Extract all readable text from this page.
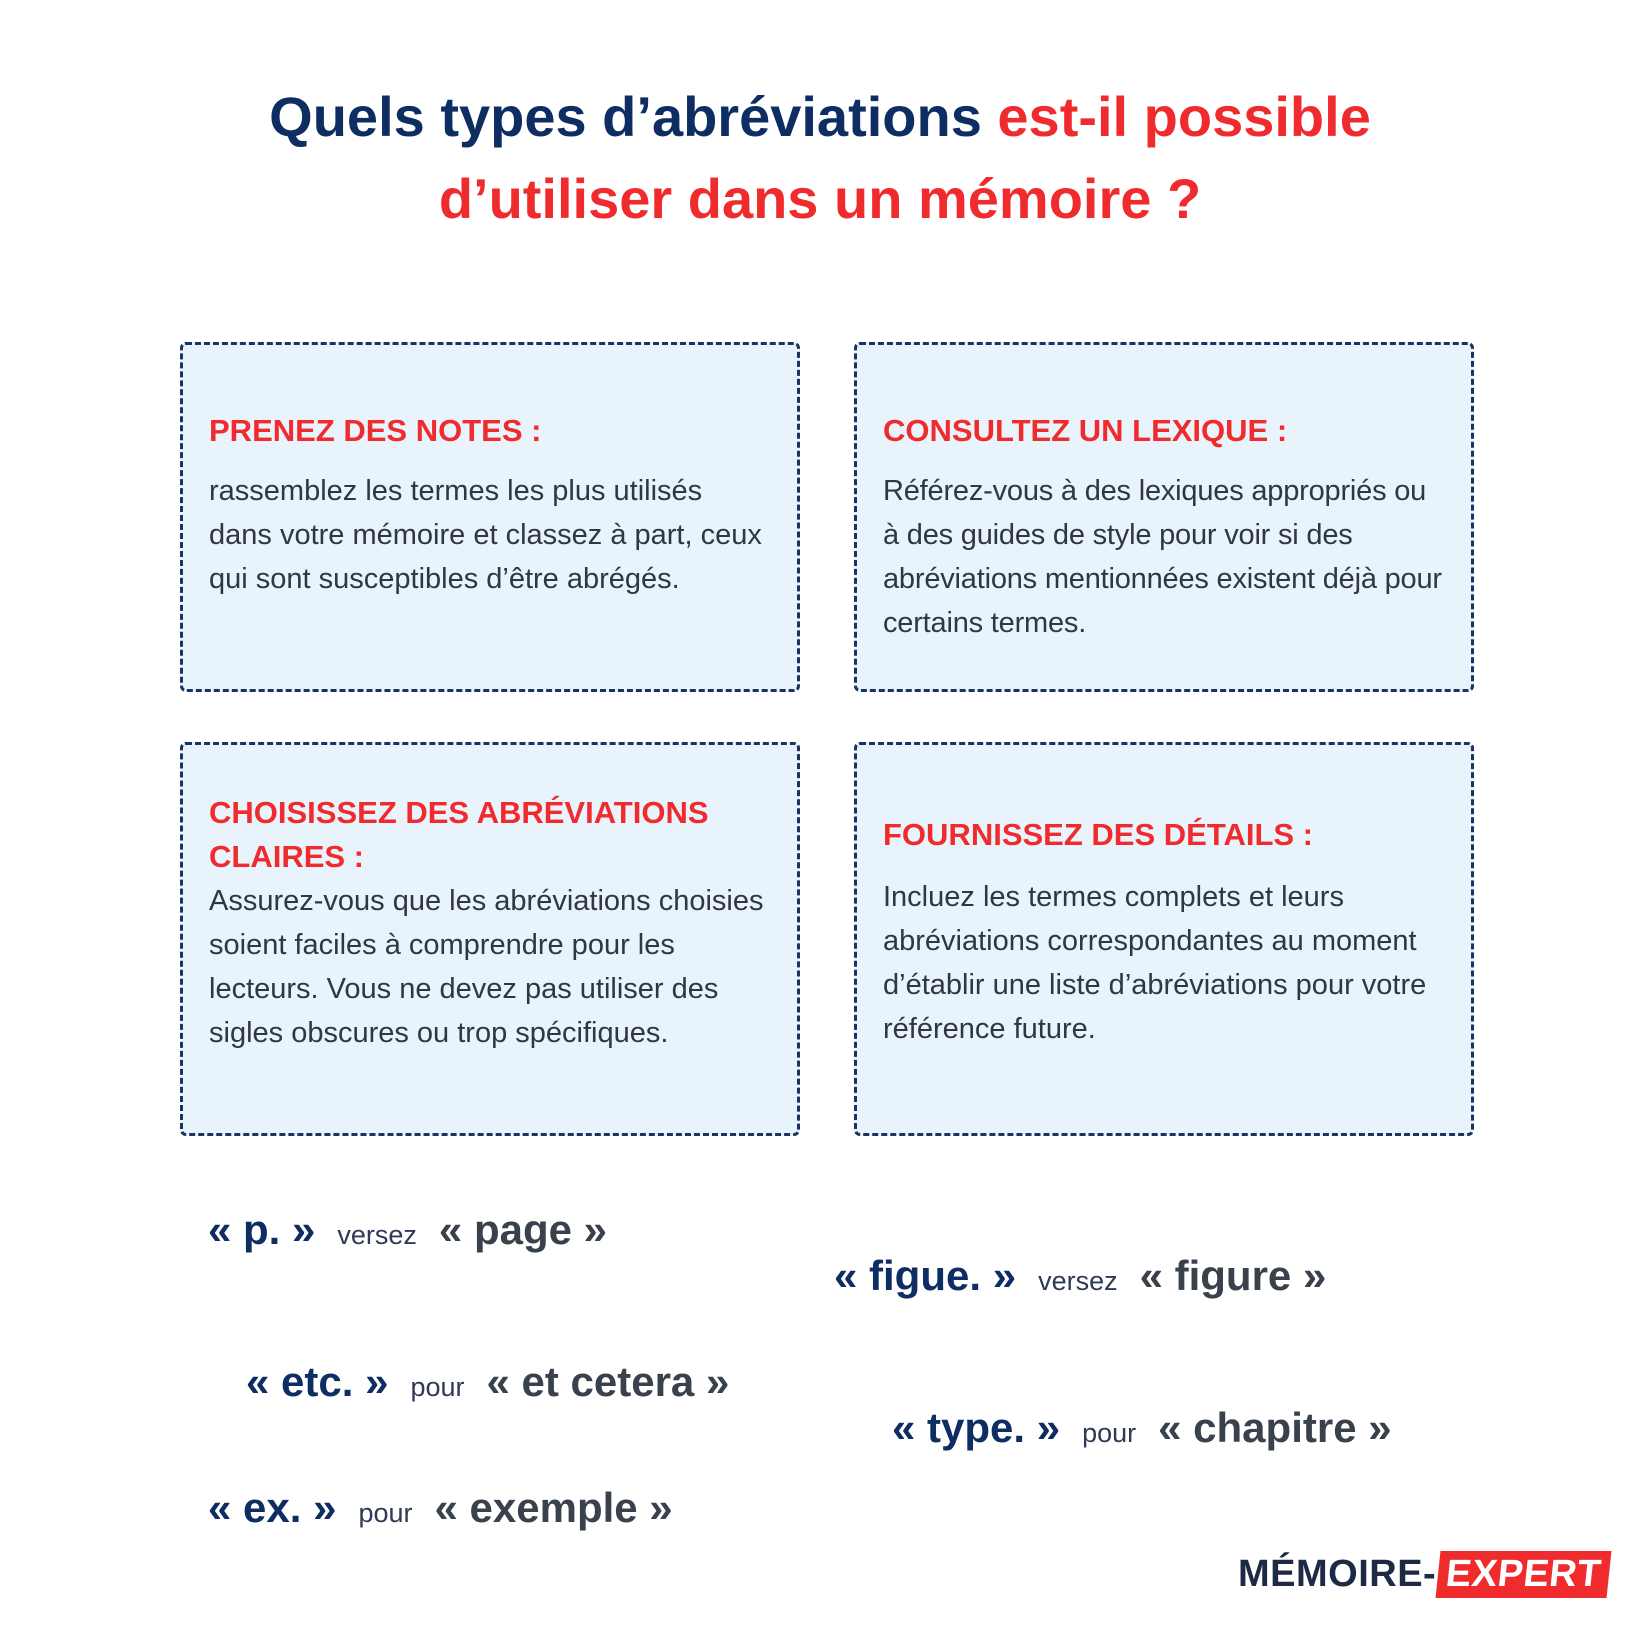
Quels types d’abréviations est-il possible
d’utiliser dans un mémoire ?

PRENEZ DES NOTES :

rassemblez les termes les plus utilisés dans votre mémoire et classez à part, ceux qui sont susceptibles d’être abrégés.

CONSULTEZ UN LEXIQUE :

Référez-vous à des lexiques appropriés ou à des guides de style pour voir si des abréviations mentionnées existent déjà pour certains termes.

CHOISISSEZ DES ABRÉVIATIONS CLAIRES :

Assurez-vous que les abréviations choisies soient faciles à comprendre pour les lecteurs. Vous ne devez pas utiliser des sigles obscures ou trop spécifiques.

FOURNISSEZ DES DÉTAILS :

Incluez les termes complets et leurs abréviations correspondantes au moment d’établir une liste d’abréviations pour votre référence future.

« p. » versez « page »
« figue. » versez « figure »
« etc. » pour « et cetera »
« type. » pour « chapitre »
« ex. » pour « exemple »
MÉMOIRE- EXPERT
